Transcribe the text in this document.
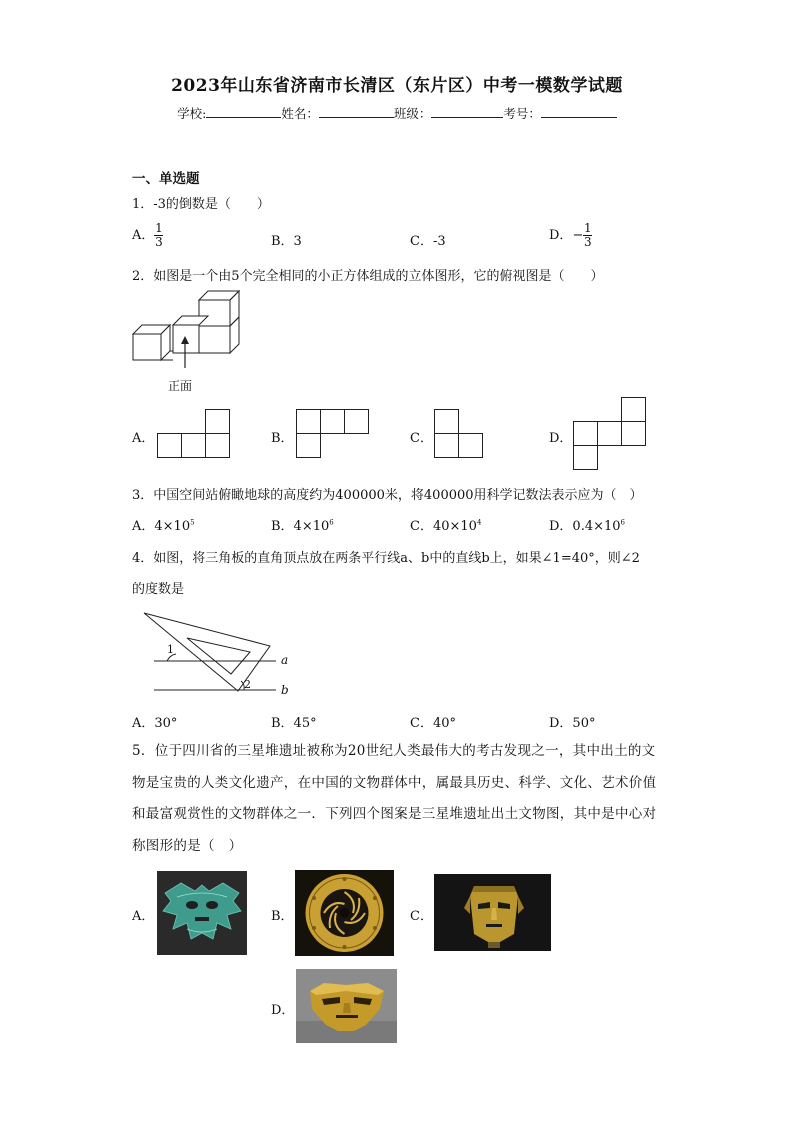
2023年山东省济南市长清区（东片区）中考一模数学试题
学校:	姓名：	班级：	考号：
一、单选题
1．-3的倒数是（　　）
A． $\frac{1}{3}$	B．3	C．-3	D．− $\frac{1}{3}$
2．如图是一个由5个完全相同的小正方体组成的立体图形，它的俯视图是（　　）
正面
A．	B．	C．	D．
3．中国空间站俯瞰地球的高度约为400000米，将400000用科学记数法表示应为（　）
A．$4\times 10^5$	B．$4\times 10^6$	C．$40\times 10^4$	D．$0.4\times 10^6$
4．如图，将三角板的直角顶点放在两条平行线a、b中的直线b上，如果∠1=40°，则∠2
的度数是
1
2
a
b
A．30°	B．45°	C．40°	D．50°
5．位于四川省的三星堆遗址被称为20世纪人类最伟大的考古发现之一，其中出土的文物是宝贵的人类文化遗产，在中国的文物群体中，属最具历史、科学、文化、艺术价值和最富观赏性的文物群体之一．下列四个图案是三星堆遗址出土文物图，其中是中心对称图形的是（　）
A．	B．	C．
D．
